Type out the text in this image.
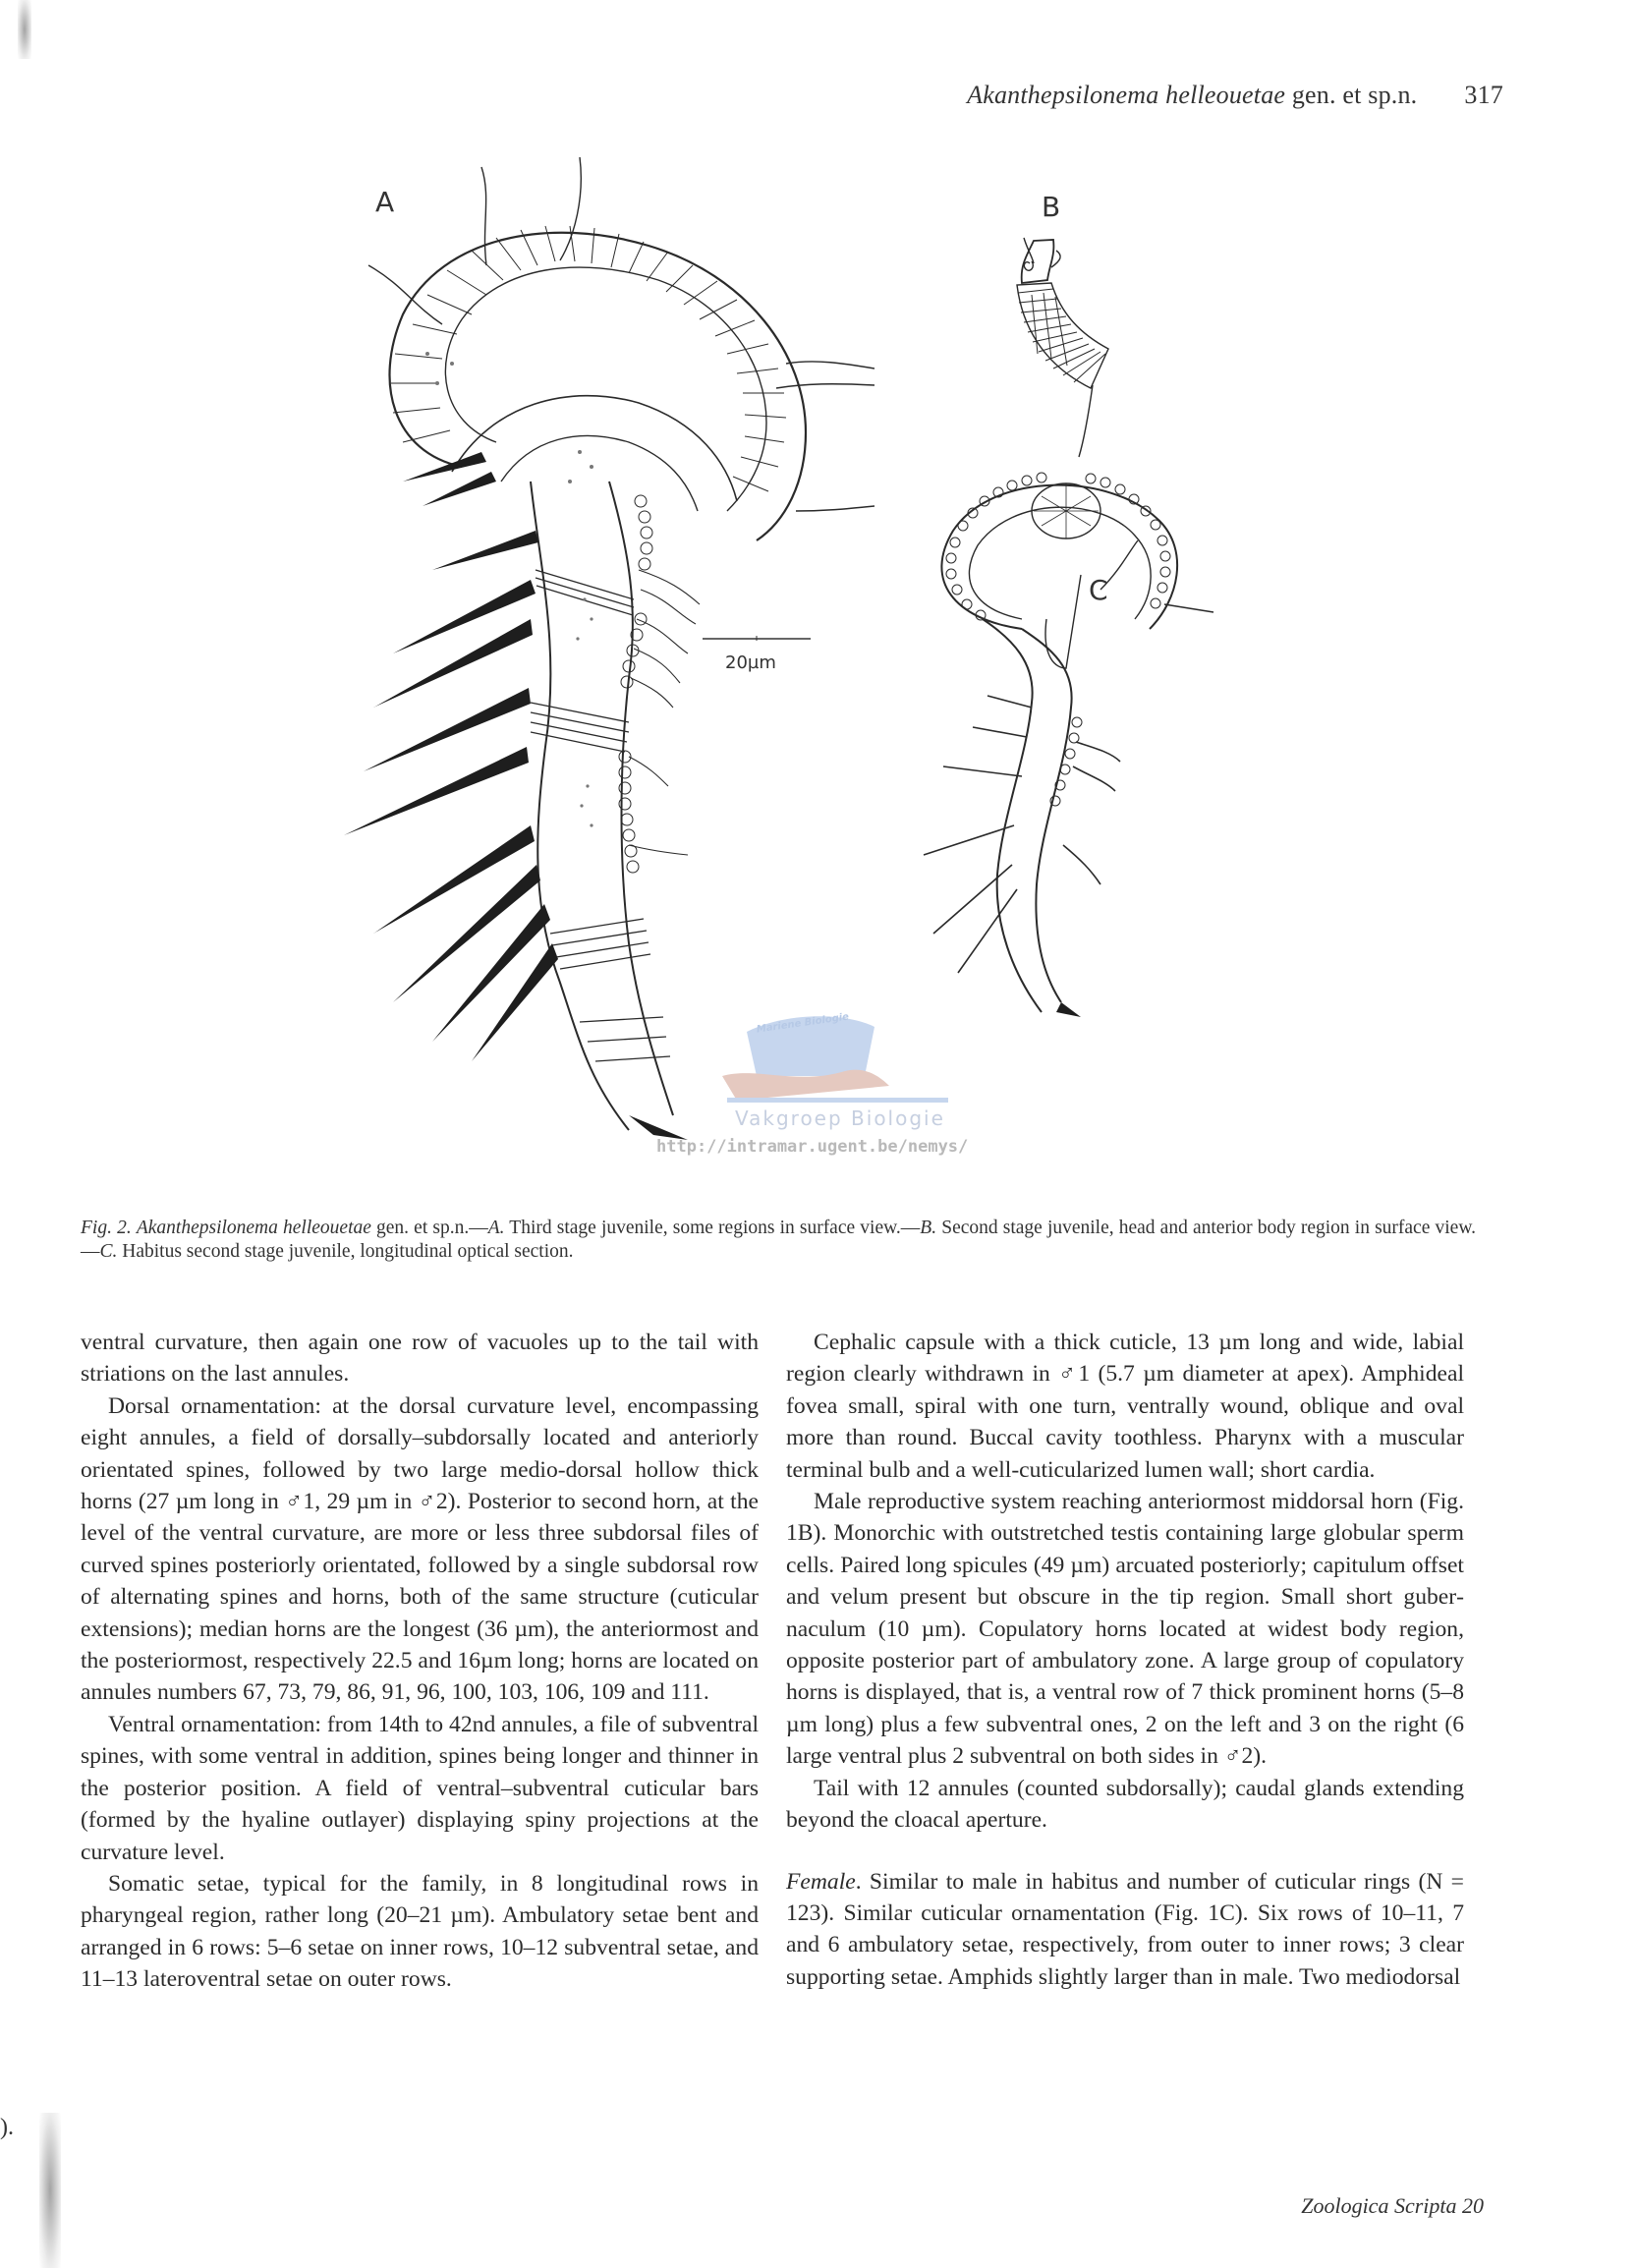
).
Akanthepsilonema helleouetae gen. et sp.n. 317
A	B
C
20µm
Mariene Biologie
Vakgroep Biologie
http://intramar.ugent.be/nemys/
Fig. 2. Akanthepsilonema helleouetae gen. et sp.n.—A. Third stage juvenile, some regions in surface view.—B. Second stage juvenile, head and anterior body region in surface view.—C. Habitus second stage juvenile, longitudinal optical section.

ventral curvature, then again one row of vacuoles up to the tail with striations on the last annules.

Dorsal ornamentation: at the dorsal curvature level, encompassing eight annules, a field of dorsally–subdorsally located and anteriorly orientated spines, followed by two large medio-dorsal hollow thick horns (27 µm long in ♂1, 29 µm in ♂2). Posterior to second horn, at the level of the ventral curvature, are more or less three subdorsal files of curved spines posteriorly orientated, followed by a single subdorsal row of alternating spines and horns, both of the same structure (cuticular extensions); median horns are the longest (36 µm), the anteriormost and the posteriormost, respectively 22.5 and 16µm long; horns are located on annules numbers 67, 73, 79, 86, 91, 96, 100, 103, 106, 109 and 111.

Ventral ornamentation: from 14th to 42nd annules, a file of subventral spines, with some ventral in addition, spines being longer and thinner in the posterior position. A field of ventral–subventral cuticular bars (formed by the hyaline outlayer) displaying spiny projections at the curvature level.

Somatic setae, typical for the family, in 8 longitudinal rows in pharyngeal region, rather long (20–21 µm). Ambulatory setae bent and arranged in 6 rows: 5–6 setae on inner rows, 10–12 subventral setae, and 11–13 lateroventral setae on outer rows.

Cephalic capsule with a thick cuticle, 13 µm long and wide, labial region clearly withdrawn in ♂1 (5.7 µm diameter at apex). Amphideal fovea small, spiral with one turn, ventrally wound, oblique and oval more than round. Buccal cavity toothless. Pharynx with a muscular terminal bulb and a well-cuticularized lumen wall; short cardia.

Male reproductive system reaching anteriormost middorsal horn (Fig. 1B). Monorchic with outstretched testis containing large globular sperm cells. Paired long spicules (49 µm) arcuated posteriorly; capitulum offset and velum present but obscure in the tip region. Small short gubernaculum (10 µm). Copulatory horns located at widest body region, opposite posterior part of ambulatory zone. A large group of copulatory horns is displayed, that is, a ventral row of 7 thick prominent horns (5–8 µm long) plus a few subventral ones, 2 on the left and 3 on the right (6 large ventral plus 2 subventral on both sides in ♂2).

Tail with 12 annules (counted subdorsally); caudal glands extending beyond the cloacal aperture.

Female. Similar to male in habitus and number of cuticular rings (N = 123). Similar cuticular ornamentation (Fig. 1C). Six rows of 10–11, 7 and 6 ambulatory setae, respectively, from outer to inner rows; 3 clear supporting setae. Amphids slightly larger than in male. Two mediodorsal

Zoologica Scripta 20
